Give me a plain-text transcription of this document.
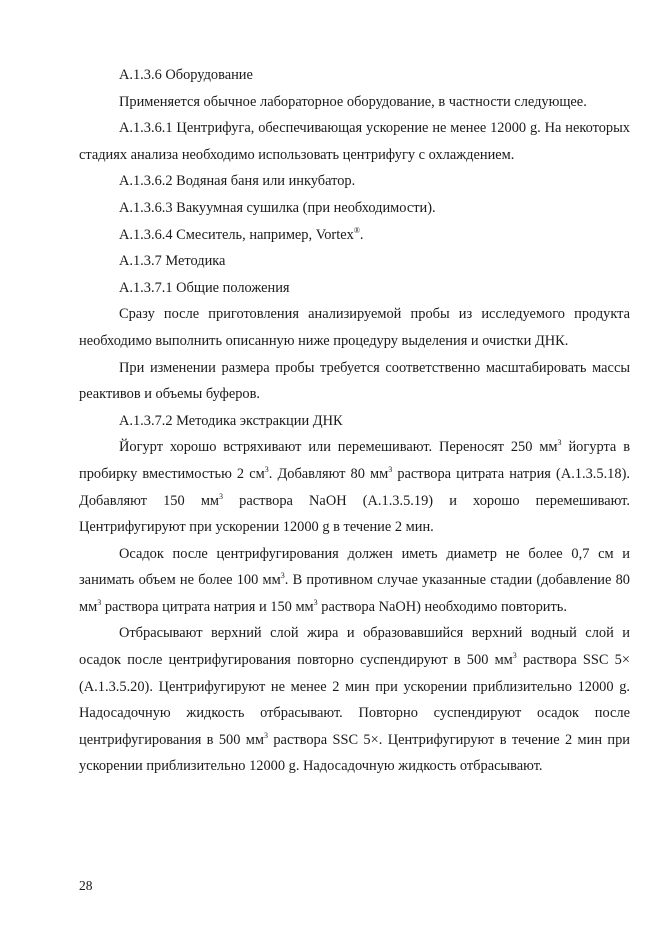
А.1.3.6 Оборудование

Применяется обычное лабораторное оборудование, в частности следующее.

А.1.3.6.1 Центрифуга, обеспечивающая ускорение не менее 12000 g. На некоторых стадиях анализа необходимо использовать центрифугу с охлаждением.

А.1.3.6.2 Водяная баня или инкубатор.

А.1.3.6.3 Вакуумная сушилка (при необходимости).

А.1.3.6.4 Смеситель, например, Vortex®.

А.1.3.7 Методика

А.1.3.7.1 Общие положения

Сразу после приготовления анализируемой пробы из исследуемого продукта необходимо выполнить описанную ниже процедуру выделения и очистки ДНК.

При изменении размера пробы требуется соответственно масштабировать массы реактивов и объемы буферов.

А.1.3.7.2 Методика экстракции ДНК

Йогурт хорошо встряхивают или перемешивают. Переносят 250 $мм^3$ йогурта в пробирку вместимостью 2 $см^3$. Добавляют 80 $мм^3$ раствора цитрата натрия (А.1.3.5.18). Добавляют 150 $мм^3$ раствора NaOH (А.1.3.5.19) и хорошо перемешивают. Центрифугируют при ускорении 12000 g в течение 2 мин.

Осадок после центрифугирования должен иметь диаметр не более 0,7 см и занимать объем не более 100 $мм^3$. В противном случае указанные стадии (добавление 80 $мм^3$ раствора цитрата натрия и 150 $мм^3$ раствора NaOH) необходимо повторить.

Отбрасывают верхний слой жира и образовавшийся верхний водный слой и осадок после центрифугирования повторно суспендируют в 500 $мм^3$ раствора SSC 5× (А.1.3.5.20). Центрифугируют не менее 2 мин при ускорении приблизительно 12000 g. Надосадочную жидкость отбрасывают. Повторно суспендируют осадок после центрифугирования в 500 $мм^3$ раствора SSC 5×. Центрифугируют в течение 2 мин при ускорении приблизительно 12000 g. Надосадочную жидкость отбрасывают.

28
